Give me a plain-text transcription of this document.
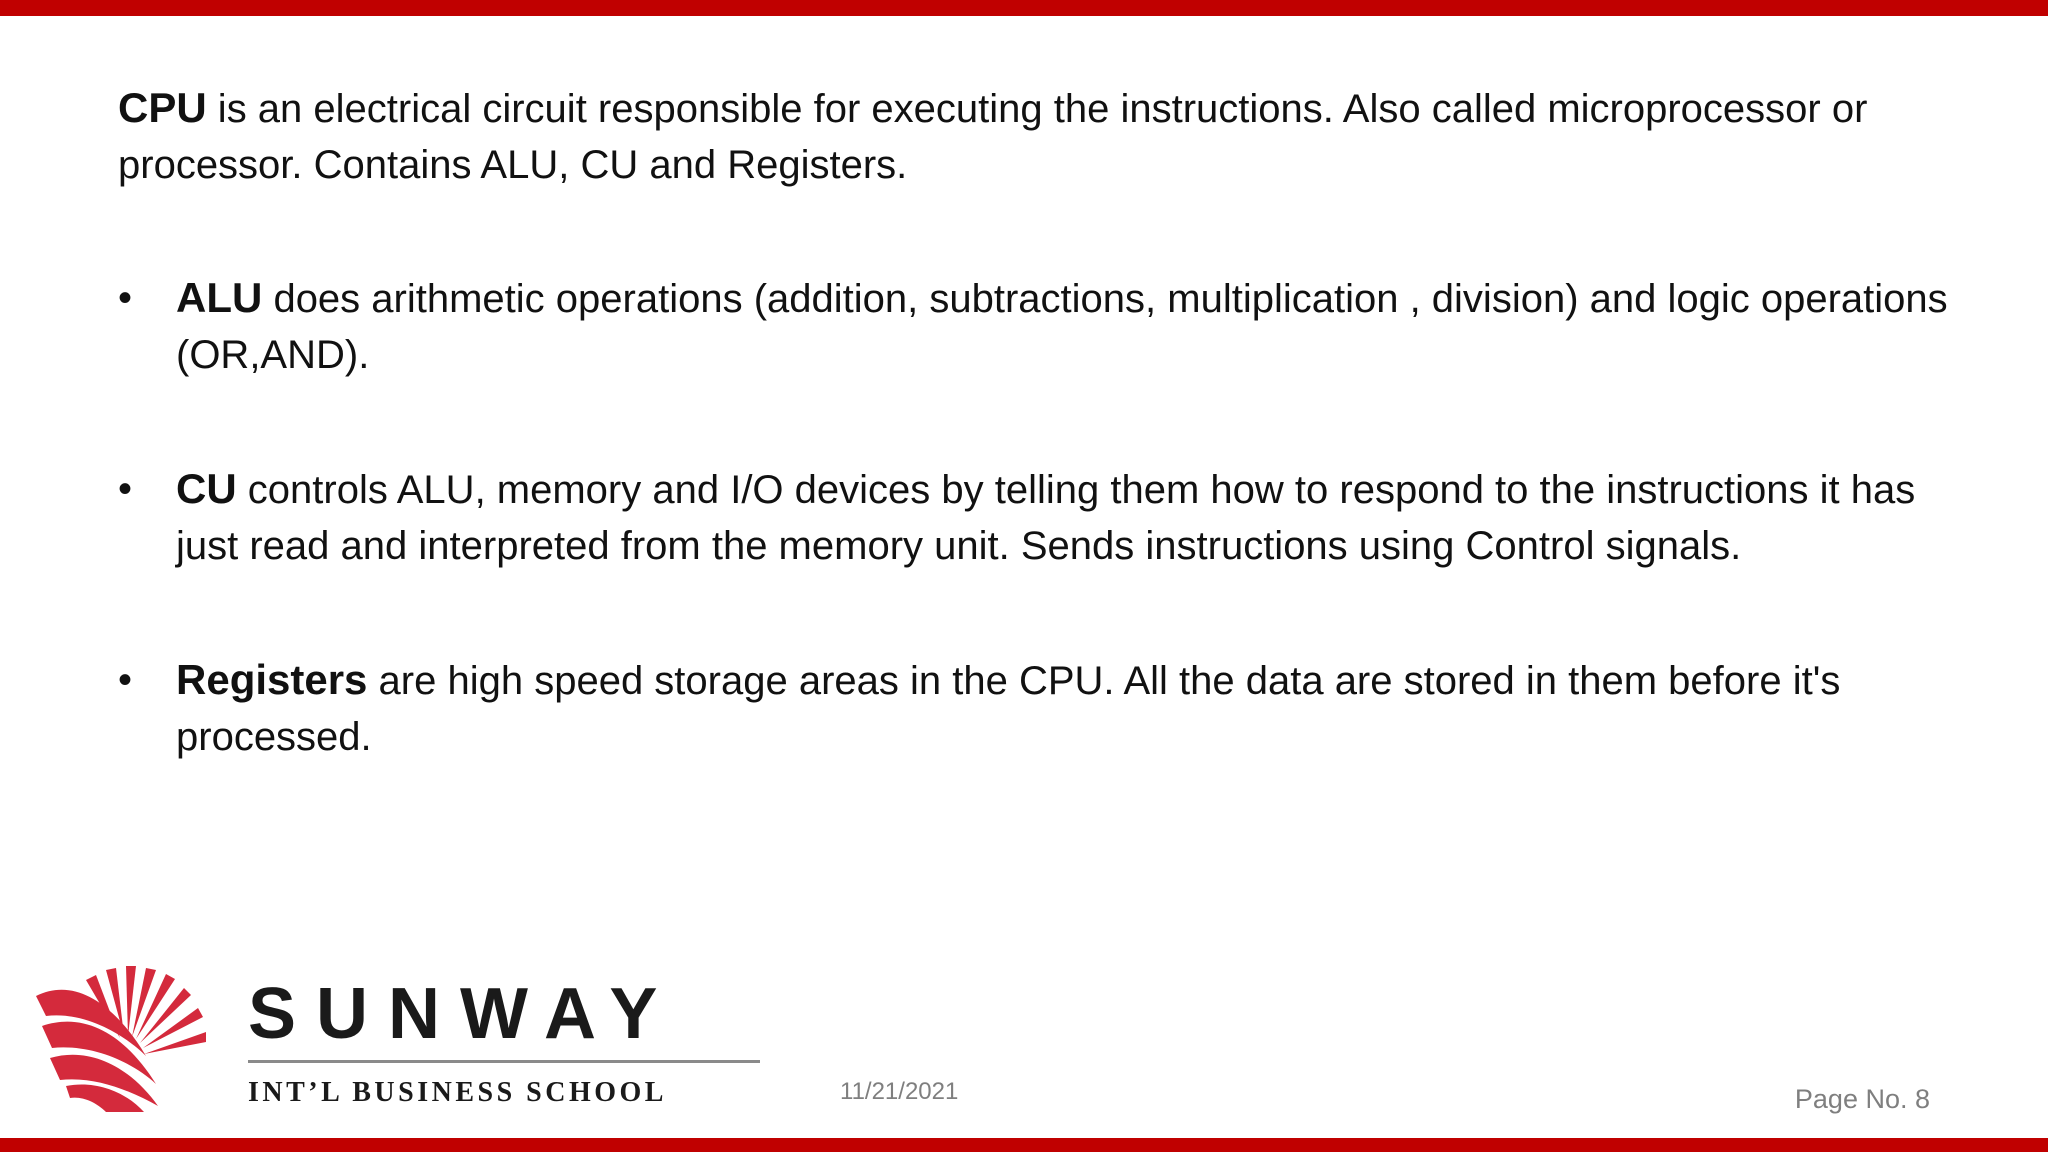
CPU is an electrical circuit responsible for executing the instructions. Also called microprocessor or processor. Contains ALU, CU and Registers.

•	ALU does arithmetic operations (addition, subtractions, multiplication , division) and logic operations (OR,AND).
•	CU controls ALU, memory and I/O devices by telling them how to respond to the instructions it has just read and interpreted from the memory unit. Sends instructions using Control signals.
•	Registers are high speed storage areas in the CPU. All the data are stored in them before it's processed.
SUNWAY
INT’L BUSINESS SCHOOL	11/21/2021	Page No. 8
